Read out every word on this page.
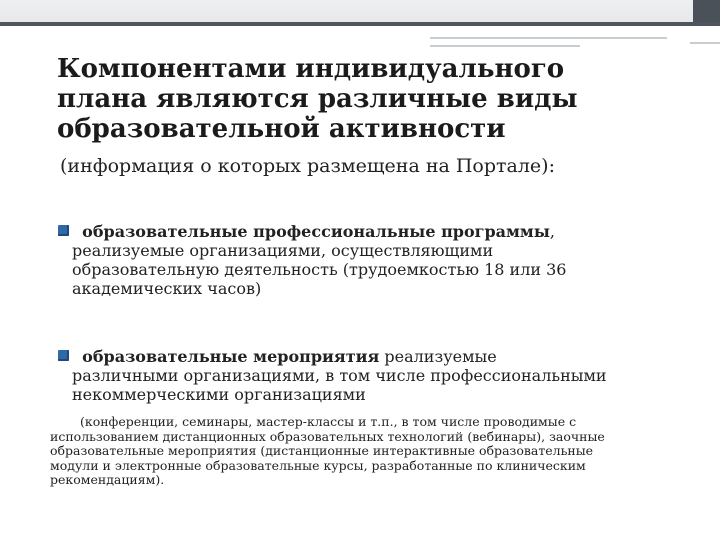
Компонентами индивидуального
плана являются различные виды
образовательной активности
(информация о которых размещена на Портале):
образовательные профессиональные программы,
реализуемые организациями, осуществляющими
образовательную деятельность (трудоемкостью 18 или 36
академических часов)
образовательные мероприятия реализуемые
различными организациями, в том числе профессиональными
некоммерческими организациями
(конференции, семинары, мастер-классы и т.п., в том числе проводимые с
использованием дистанционных образовательных технологий (вебинары), заочные
образовательные мероприятия (дистанционные интерактивные образовательные
модули и электронные образовательные курсы, разработанные по клиническим
рекомендациям).
